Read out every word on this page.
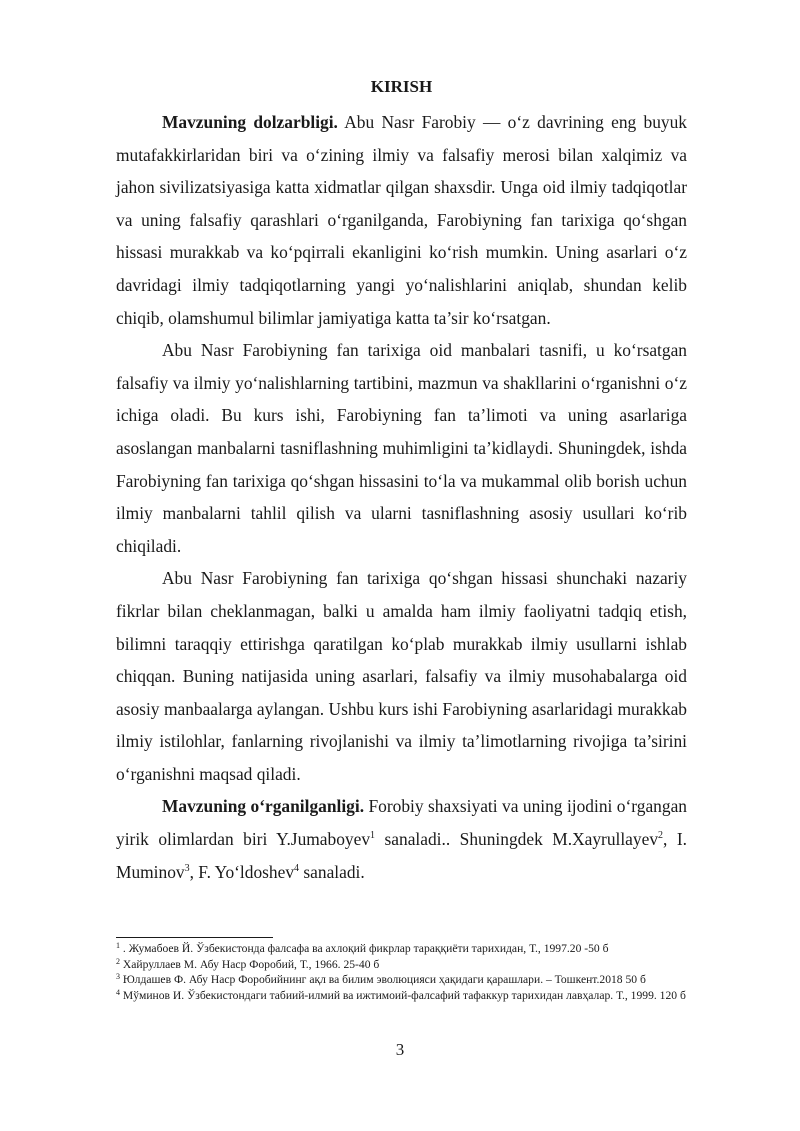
KIRISH

Mavzuning dolzarbligi. Abu Nasr Farobiy — o‘z davrining eng buyuk mutafakkirlaridan biri va o‘zining ilmiy va falsafiy merosi bilan xalqimiz va jahon sivilizatsiyasiga katta xidmatlar qilgan shaxsdir. Unga oid ilmiy tadqiqotlar va uning falsafiy qarashlari o‘rganilganda, Farobiyning fan tarixiga qo‘shgan hissasi murakkab va ko‘pqirrali ekanligini ko‘rish mumkin. Uning asarlari o‘z davridagi ilmiy tadqiqotlarning yangi yo‘nalishlarini aniqlab, shundan kelib chiqib, olamshumul bilimlar jamiyatiga katta ta’sir ko‘rsatgan.

Abu Nasr Farobiyning fan tarixiga oid manbalari tasnifi, u ko‘rsatgan falsafiy va ilmiy yo‘nalishlarning tartibini, mazmun va shakllarini o‘rganishni o‘z ichiga oladi. Bu kurs ishi, Farobiyning fan ta’limoti va uning asarlariga asoslangan manbalarni tasniflashning muhimligini ta’kidlaydi. Shuningdek, ishda Farobiyning fan tarixiga qo‘shgan hissasini to‘la va mukammal olib borish uchun ilmiy manbalarni tahlil qilish va ularni tasniflashning asosiy usullari ko‘rib chiqiladi.

Abu Nasr Farobiyning fan tarixiga qo‘shgan hissasi shunchaki nazariy fikrlar bilan cheklanmagan, balki u amalda ham ilmiy faoliyatni tadqiq etish, bilimni taraqqiy ettirishga qaratilgan ko‘plab murakkab ilmiy usullarni ishlab chiqqan. Buning natijasida uning asarlari, falsafiy va ilmiy musohabalarga oid asosiy manbaalarga aylangan. Ushbu kurs ishi Farobiyning asarlaridagi murakkab ilmiy istilohlar, fanlarning rivojlanishi va ilmiy ta’limotlarning rivojiga ta’sirini o‘rganishni maqsad qiladi.

Mavzuning o‘rganilganligi. Forobiy shaxsiyati va uning ijodini o‘rgangan yirik olimlardan biri Y.Jumaboyev$^1$ sanaladi.. Shuningdek M.Xayrullayev$^2$, I. Muminov$^3$, F. Yo‘ldoshev$^4$ sanaladi.

$^1$ . Жумабоев Й. Ўзбекистонда фалсафа ва ахлоқий фикрлар тараққиёти тарихидан, Т., 1997.20 -50 б

$^2$ Хайруллаев М. Абу Наср Форобий, Т., 1966. 25-40 б

$^3$ Юлдашев Ф. Абу Наср Форобийнинг ақл ва билим эволюцияси ҳақидаги қарашлари. – Тошкент.2018 50 б

$^4$ Мўминов И. Ўзбекистондаги табиий-илмий ва ижтимоий-фалсафий тафаккур тарихидан лавҳалар. Т., 1999. 120 б

3
